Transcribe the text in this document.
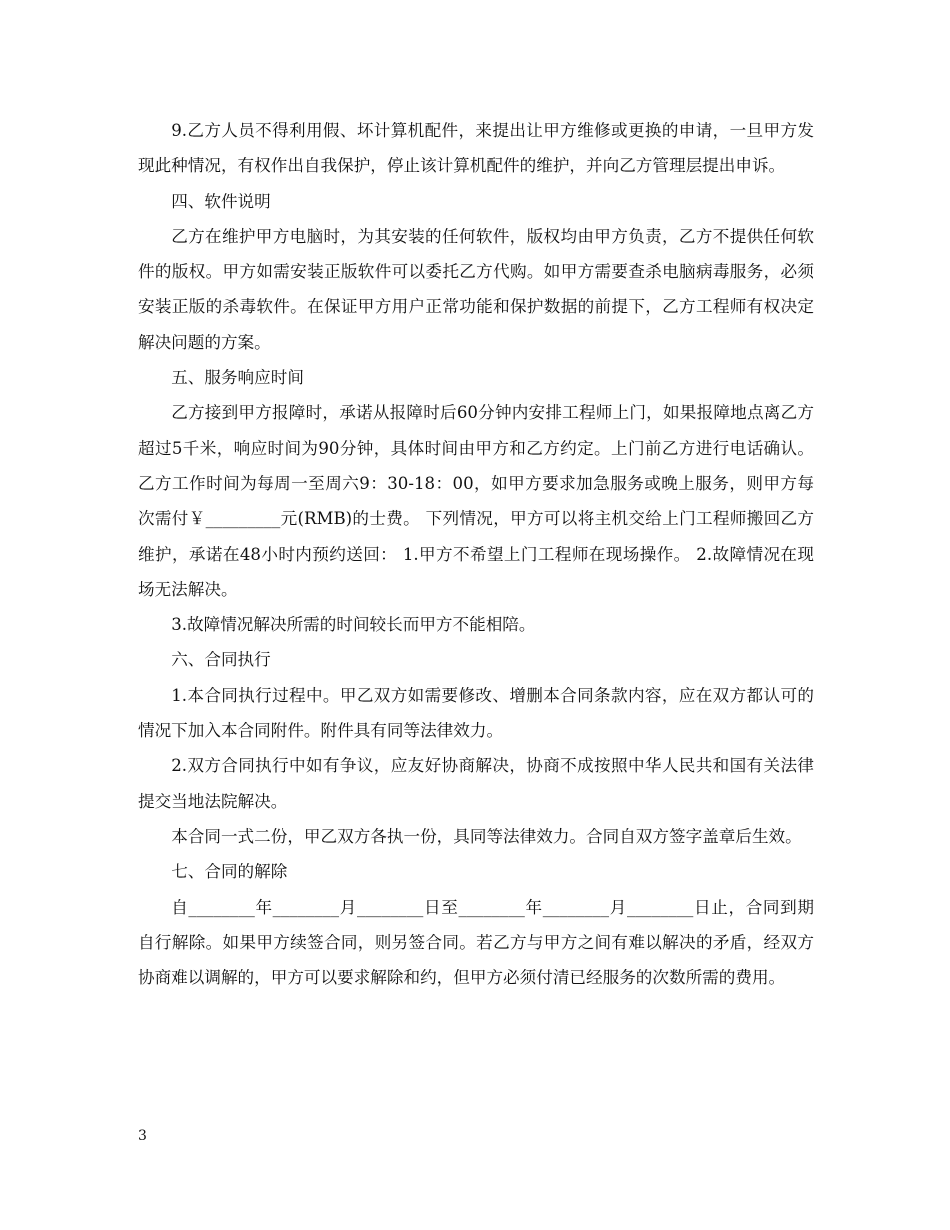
9.乙方人员不得利用假、坏计算机配件，来提出让甲方维修或更换的申请，一旦甲方发现此种情况，有权作出自我保护，停止该计算机配件的维护，并向乙方管理层提出申诉。

四、软件说明

乙方在维护甲方电脑时，为其安装的任何软件，版权均由甲方负责，乙方不提供任何软件的版权。甲方如需安装正版软件可以委托乙方代购。如甲方需要查杀电脑病毒服务，必须安装正版的杀毒软件。在保证甲方用户正常功能和保护数据的前提下，乙方工程师有权决定解决问题的方案。

五、服务响应时间

乙方接到甲方报障时，承诺从报障时后60分钟内安排工程师上门，如果报障地点离乙方超过5千米，响应时间为90分钟，具体时间由甲方和乙方约定。上门前乙方进行电话确认。乙方工作时间为每周一至周六9：30-18：00，如甲方要求加急服务或晚上服务，则甲方每次需付￥_________元(RMB)的士费。 下列情况，甲方可以将主机交给上门工程师搬回乙方维护，承诺在48小时内预约送回： 1.甲方不希望上门工程师在现场操作。 2.故障情况在现场无法解决。

3.故障情况解决所需的时间较长而甲方不能相陪。

六、合同执行

1.本合同执行过程中。甲乙双方如需要修改、增删本合同条款内容，应在双方都认可的情况下加入本合同附件。附件具有同等法律效力。

2.双方合同执行中如有争议，应友好协商解决，协商不成按照中华人民共和国有关法律提交当地法院解决。

本合同一式二份，甲乙双方各执一份，具同等法律效力。合同自双方签字盖章后生效。

七、合同的解除

自________年________月________日至________年________月________日止，合同到期自行解除。如果甲方续签合同，则另签合同。若乙方与甲方之间有难以解决的矛盾，经双方协商难以调解的，甲方可以要求解除和约，但甲方必须付清已经服务的次数所需的费用。

3
